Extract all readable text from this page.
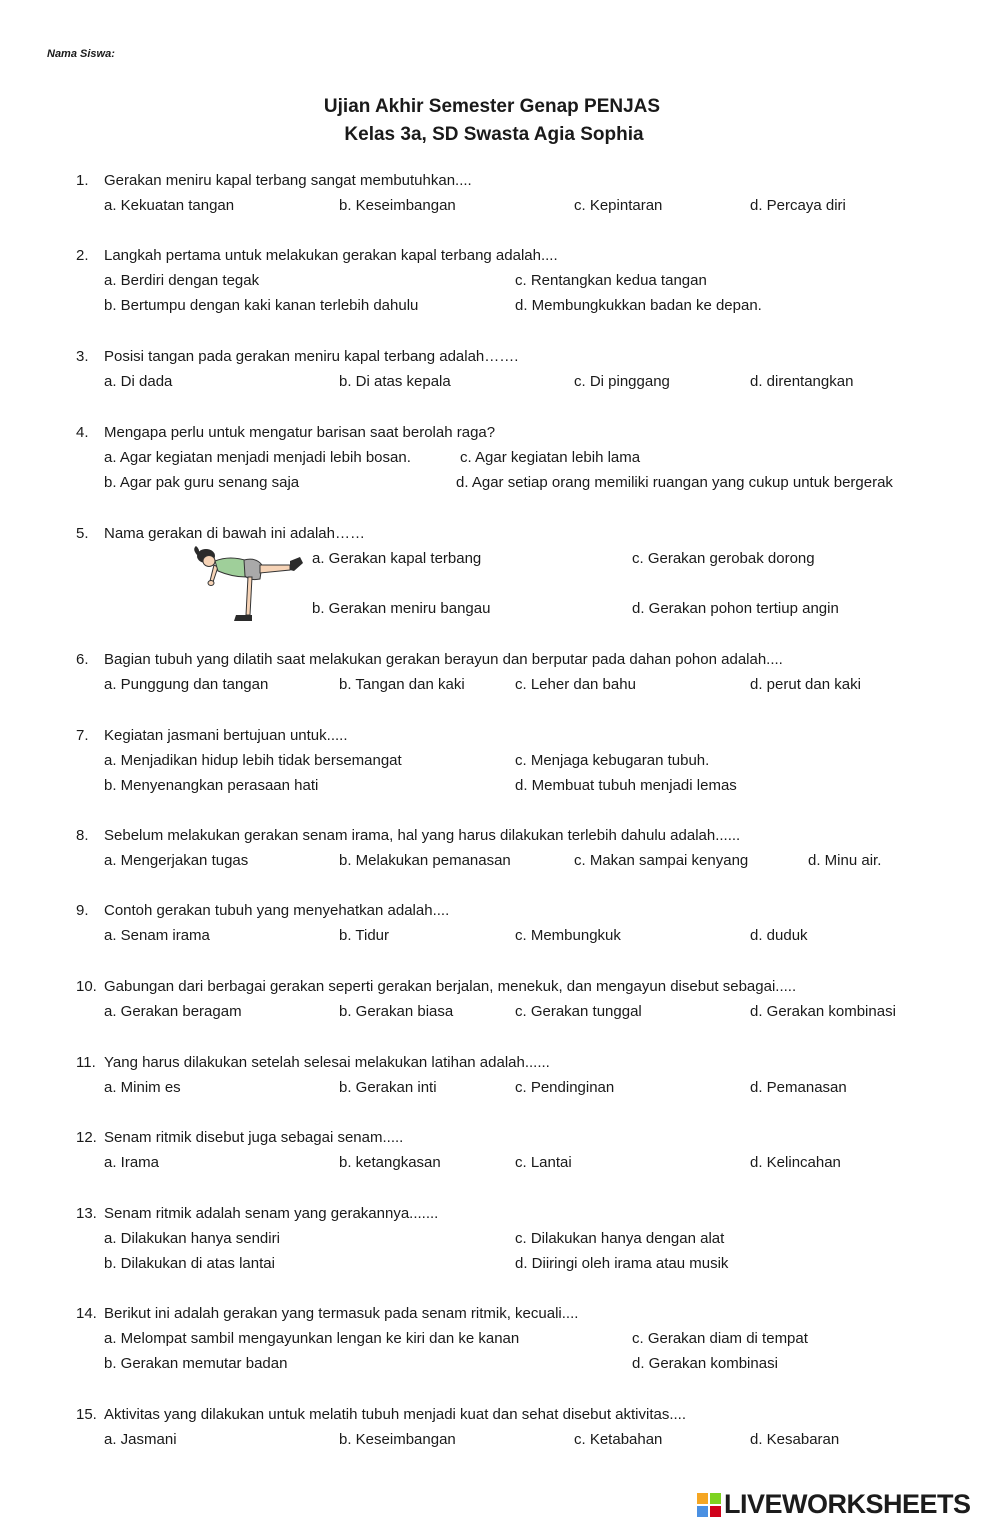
Nama Siswa:
Ujian Akhir Semester Genap PENJAS
Kelas 3a, SD Swasta Agia Sophia
1. Gerakan meniru kapal terbang sangat membutuhkan....
a. Kekuatan tangan	b. Keseimbangan	c. Kepintaran	d. Percaya diri
2. Langkah pertama untuk melakukan gerakan kapal terbang adalah....
a. Berdiri dengan tegak	c. Rentangkan kedua tangan
b. Bertumpu dengan kaki kanan terlebih dahulu	d. Membungkukkan badan ke depan.
3. Posisi tangan pada gerakan meniru kapal terbang adalah…….
a. Di dada	b. Di atas kepala	c. Di pinggang	d. direntangkan
4. Mengapa perlu untuk mengatur barisan saat berolah raga?
a. Agar kegiatan menjadi menjadi lebih bosan.	c. Agar kegiatan lebih lama
b. Agar pak guru senang saja	d. Agar setiap orang memiliki ruangan yang cukup untuk bergerak
5. Nama gerakan di bawah ini adalah……
a. Gerakan kapal terbang	c. Gerakan gerobak dorong
b. Gerakan meniru bangau	d. Gerakan pohon tertiup angin
6. Bagian tubuh yang dilatih saat melakukan gerakan berayun dan berputar pada dahan pohon adalah....
a. Punggung dan tangan	b. Tangan dan kaki	c. Leher dan bahu	d. perut dan kaki
7. Kegiatan jasmani bertujuan untuk.....
a. Menjadikan hidup lebih tidak bersemangat	c. Menjaga kebugaran tubuh.
b. Menyenangkan perasaan hati	d. Membuat tubuh menjadi lemas
8. Sebelum melakukan gerakan senam irama, hal yang harus dilakukan terlebih dahulu adalah......
a. Mengerjakan tugas	b. Melakukan pemanasan	c. Makan sampai kenyang	d. Minu air.
9. Contoh gerakan tubuh yang menyehatkan adalah....
a. Senam irama	b. Tidur	c. Membungkuk	d. duduk
10. Gabungan dari berbagai gerakan seperti gerakan berjalan, menekuk, dan mengayun disebut sebagai.....
a. Gerakan beragam	b. Gerakan biasa	c. Gerakan tunggal	d. Gerakan kombinasi
11. Yang harus dilakukan setelah selesai melakukan latihan adalah......
a. Minim es	b. Gerakan inti	c. Pendinginan	d. Pemanasan
12. Senam ritmik disebut juga sebagai senam.....
a. Irama	b. ketangkasan	c. Lantai	d. Kelincahan
13. Senam ritmik adalah senam yang gerakannya.......
a. Dilakukan hanya sendiri	c. Dilakukan hanya dengan alat
b. Dilakukan di atas lantai	d. Diiringi oleh irama atau musik
14. Berikut ini adalah gerakan yang termasuk pada senam ritmik, kecuali....
a. Melompat sambil mengayunkan lengan ke kiri dan ke kanan	c. Gerakan diam di tempat
b. Gerakan memutar badan	d. Gerakan kombinasi
15. Aktivitas yang dilakukan untuk melatih tubuh menjadi kuat dan sehat disebut aktivitas....
a. Jasmani	b. Keseimbangan	c. Ketabahan	d. Kesabaran
LIVEWORKSHEETS
